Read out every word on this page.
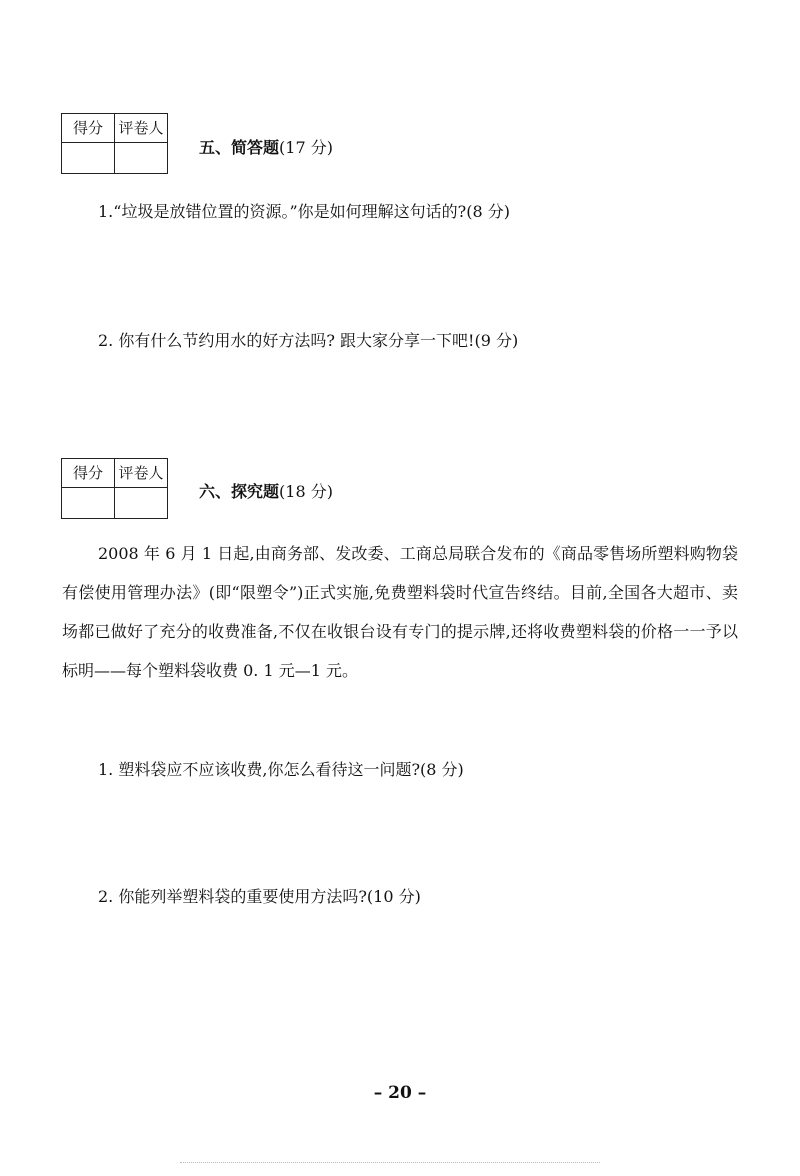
得分	评卷人

五、简答题(17 分)
1.“垃圾是放错位置的资源。”你是如何理解这句话的?(8 分)
2. 你有什么节约用水的好方法吗? 跟大家分享一下吧!(9 分)
得分	评卷人

六、探究题(18 分)
2008 年 6 月 1 日起,由商务部、发改委、工商总局联合发布的《商品零售场所塑料购物袋有偿使用管理办法》(即“限塑令”)正式实施,免费塑料袋时代宣告终结。目前,全国各大超市、卖场都已做好了充分的收费准备,不仅在收银台设有专门的提示牌,还将收费塑料袋的价格一一予以标明——每个塑料袋收费 0. 1 元—1 元。
1. 塑料袋应不应该收费,你怎么看待这一问题?(8 分)
2. 你能列举塑料袋的重要使用方法吗?(10 分)
– 20 –
